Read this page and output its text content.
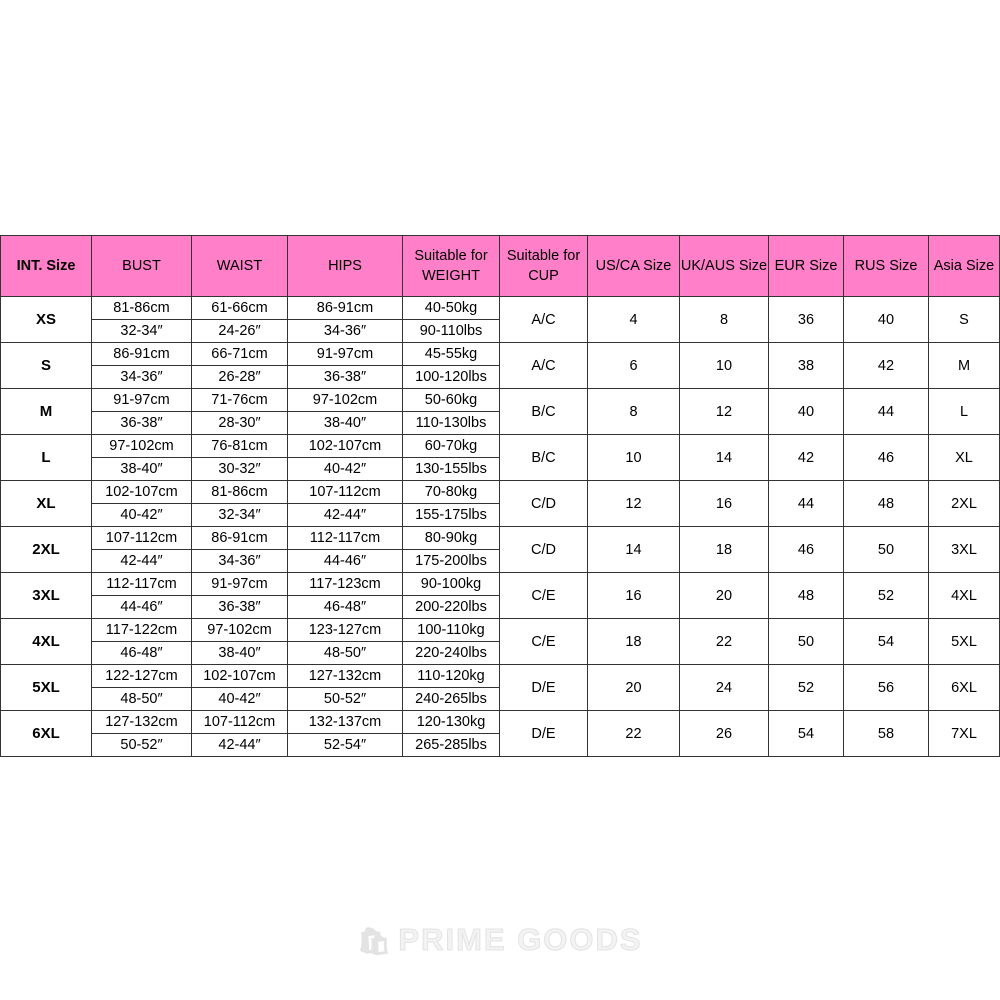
INT. Size	BUST	WAIST	HIPS	Suitable for WEIGHT	Suitable for CUP	US/CA Size	UK/AUS Size	EUR Size	RUS Size	Asia Size
XS	81-86cm	61-66cm	86-91cm	40-50kg	A/C	4	8	36	40	S
	32-34″	24-26″	34-36″	90-110lbs						
S	86-91cm	66-71cm	91-97cm	45-55kg	A/C	6	10	38	42	M
	34-36″	26-28″	36-38″	100-120lbs						
M	91-97cm	71-76cm	97-102cm	50-60kg	B/C	8	12	40	44	L
	36-38″	28-30″	38-40″	110-130lbs						
L	97-102cm	76-81cm	102-107cm	60-70kg	B/C	10	14	42	46	XL
	38-40″	30-32″	40-42″	130-155lbs						
XL	102-107cm	81-86cm	107-112cm	70-80kg	C/D	12	16	44	48	2XL
	40-42″	32-34″	42-44″	155-175lbs						
2XL	107-112cm	86-91cm	112-117cm	80-90kg	C/D	14	18	46	50	3XL
	42-44″	34-36″	44-46″	175-200lbs						
3XL	112-117cm	91-97cm	117-123cm	90-100kg	C/E	16	20	48	52	4XL
	44-46″	36-38″	46-48″	200-220lbs						
4XL	117-122cm	97-102cm	123-127cm	100-110kg	C/E	18	22	50	54	5XL
	46-48″	38-40″	48-50″	220-240lbs						
5XL	122-127cm	102-107cm	127-132cm	110-120kg	D/E	20	24	52	56	6XL
	48-50″	40-42″	50-52″	240-265lbs						
6XL	127-132cm	107-112cm	132-137cm	120-130kg	D/E	22	26	54	58	7XL
	50-52″	42-44″	52-54″	265-285lbs						
🛍︎ PRIME GOODS
